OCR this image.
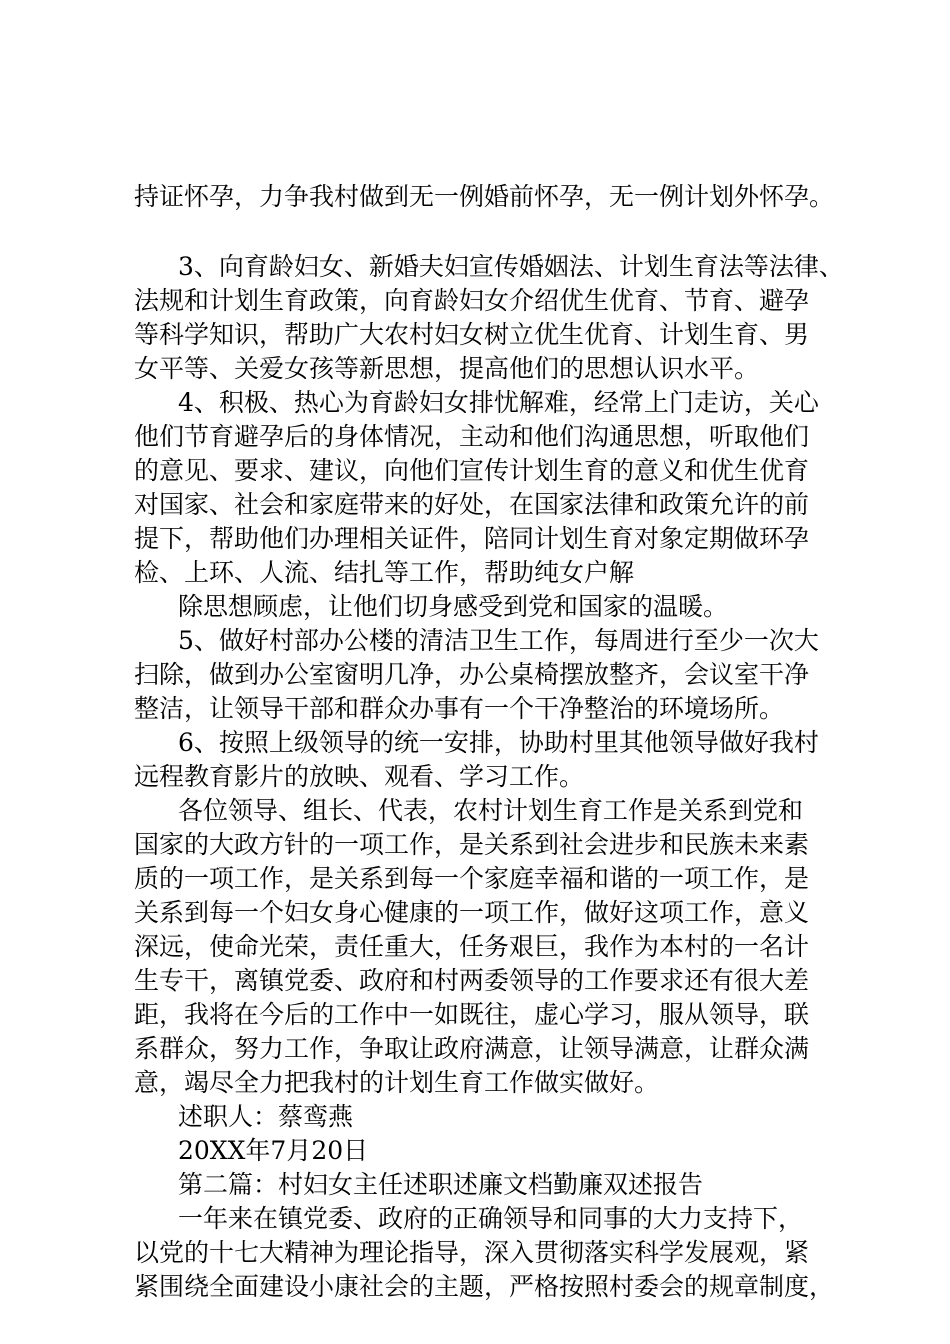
持证怀孕，力争我村做到无一例婚前怀孕，无一例计划外怀孕。
3、向育龄妇女、新婚夫妇宣传婚姻法、计划生育法等法律、
法规和计划生育政策，向育龄妇女介绍优生优育、节育、避孕
等科学知识，帮助广大农村妇女树立优生优育、计划生育、男
女平等、关爱女孩等新思想，提高他们的思想认识水平。
4、积极、热心为育龄妇女排忧解难，经常上门走访，关心
他们节育避孕后的身体情况，主动和他们沟通思想，听取他们
的意见、要求、建议，向他们宣传计划生育的意义和优生优育
对国家、社会和家庭带来的好处，在国家法律和政策允许的前
提下，帮助他们办理相关证件，陪同计划生育对象定期做环孕
检、上环、人流、结扎等工作，帮助纯女户解
除思想顾虑，让他们切身感受到党和国家的温暖。
5、做好村部办公楼的清洁卫生工作，每周进行至少一次大
扫除，做到办公室窗明几净，办公桌椅摆放整齐，会议室干净
整洁，让领导干部和群众办事有一个干净整治的环境场所。
6、按照上级领导的统一安排，协助村里其他领导做好我村
远程教育影片的放映、观看、学习工作。
各位领导、组长、代表，农村计划生育工作是关系到党和
国家的大政方针的一项工作，是关系到社会进步和民族未来素
质的一项工作，是关系到每一个家庭幸福和谐的一项工作，是
关系到每一个妇女身心健康的一项工作，做好这项工作，意义
深远，使命光荣，责任重大，任务艰巨，我作为本村的一名计
生专干，离镇党委、政府和村两委领导的工作要求还有很大差
距，我将在今后的工作中一如既往，虚心学习，服从领导，联
系群众，努力工作，争取让政府满意，让领导满意，让群众满
意，竭尽全力把我村的计划生育工作做实做好。
述职人：蔡鸾燕
20XX年7月20日
第二篇：村妇女主任述职述廉文档勤廉双述报告
一年来在镇党委、政府的正确领导和同事的大力支持下，
以党的十七大精神为理论指导，深入贯彻落实科学发展观，紧
紧围绕全面建设小康社会的主题，严格按照村委会的规章制度，
